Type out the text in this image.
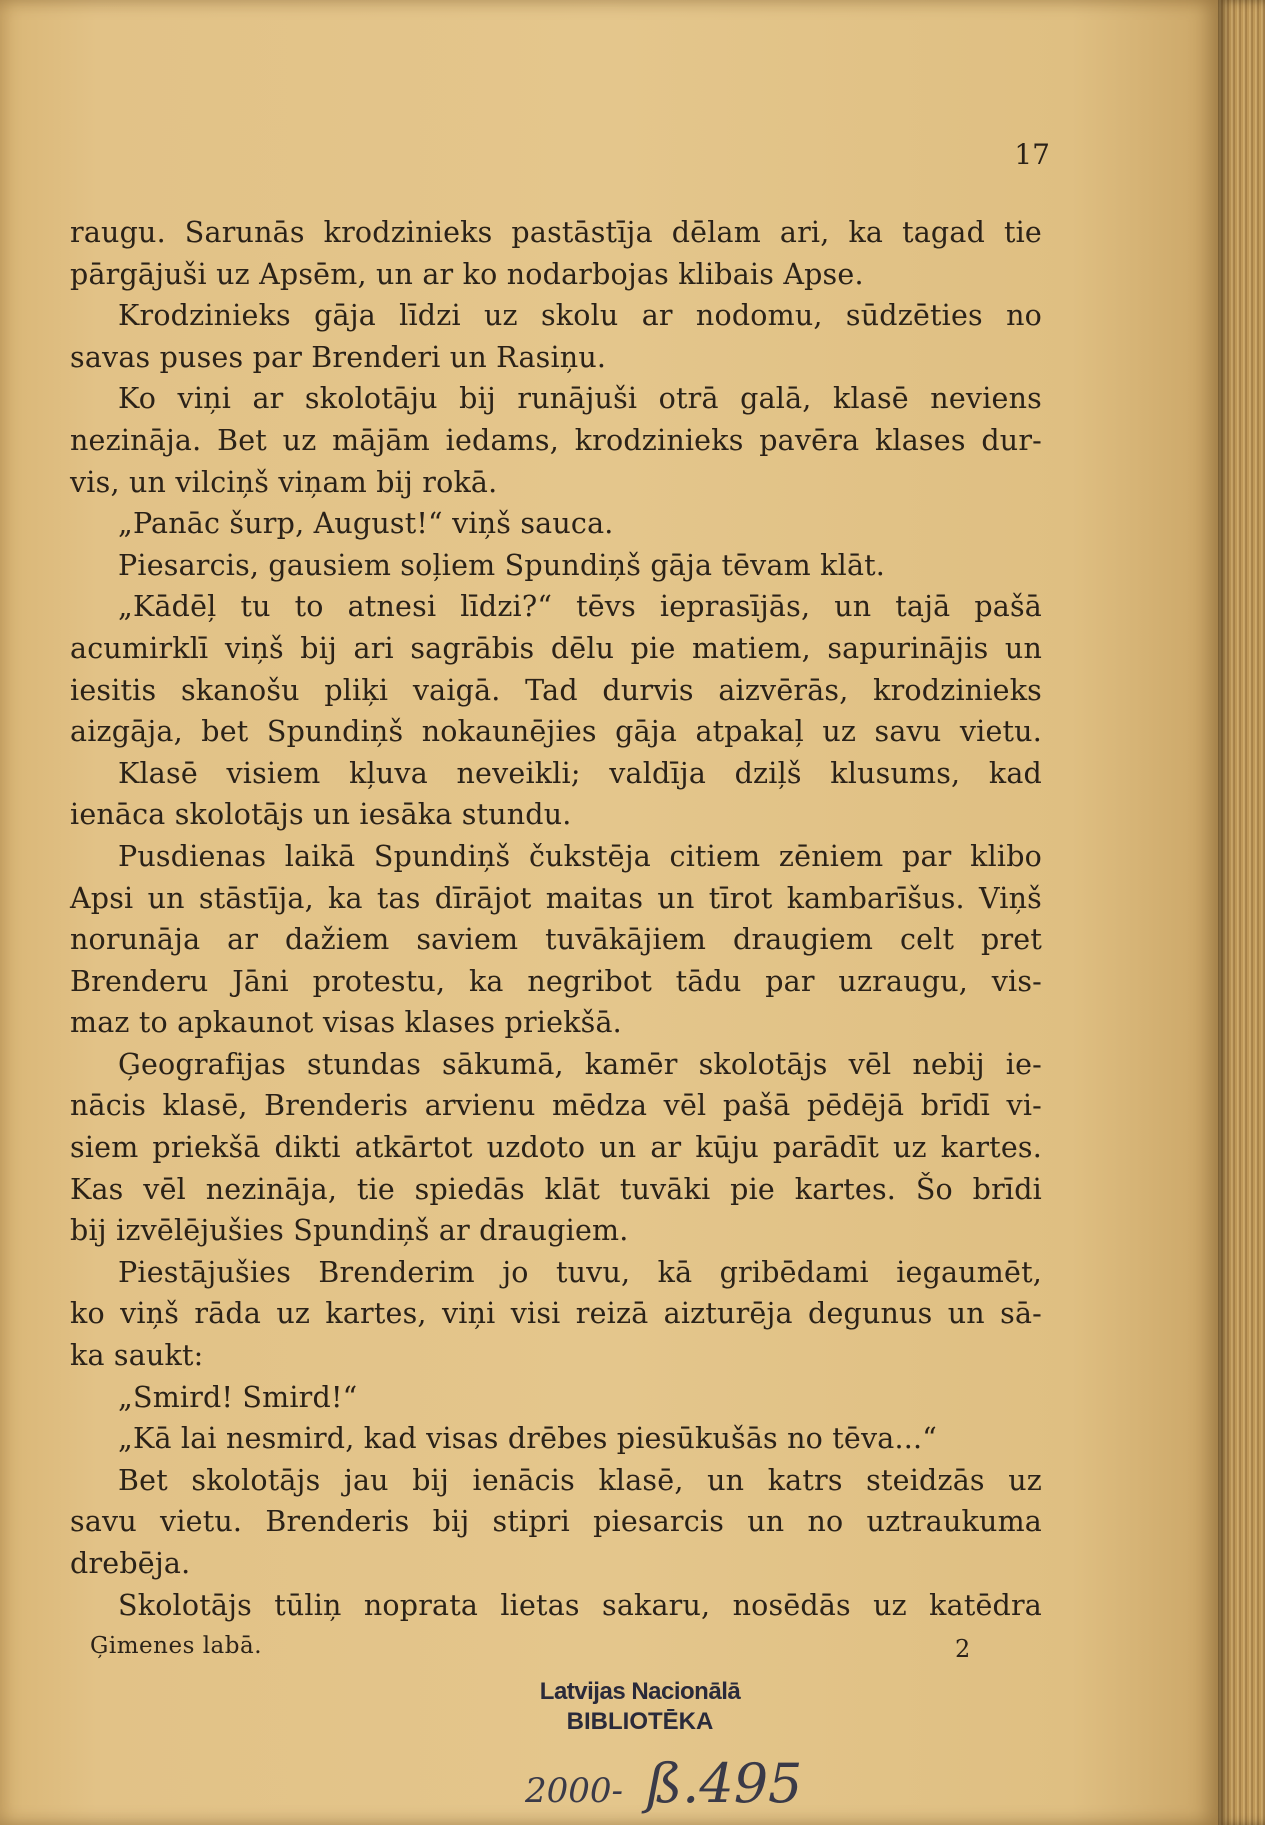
17
raugu. Sarunās krodzinieks pastāstīja dēlam ari, ka tagad tie
pārgājuši uz Apsēm, un ar ko nodarbojas klibais Apse.
Krodzinieks gāja līdzi uz skolu ar nodomu, sūdzēties no
savas puses par Brenderi un Rasiņu.
Ko viņi ar skolotāju bij runājuši otrā galā, klasē neviens
nezināja. Bet uz mājām iedams, krodzinieks pavēra klases dur-
vis, un vilciņš viņam bij rokā.
„Panāc šurp, August!“ viņš sauca.
Piesarcis, gausiem soļiem Spundiņš gāja tēvam klāt.
„Kādēļ tu to atnesi līdzi?“ tēvs ieprasījās, un tajā pašā
acumirklī viņš bij ari sagrābis dēlu pie matiem, sapurinājis un
iesitis skanošu pliķi vaigā. Tad durvis aizvērās, krodzinieks
aizgāja, bet Spundiņš nokaunējies gāja atpakaļ uz savu vietu.
Klasē visiem kļuva neveikli; valdīja dziļš klusums, kad
ienāca skolotājs un iesāka stundu.
Pusdienas laikā Spundiņš čukstēja citiem zēniem par klibo
Apsi un stāstīja, ka tas dīrājot maitas un tīrot kambarīšus. Viņš
norunāja ar dažiem saviem tuvākājiem draugiem celt pret
Brenderu Jāni protestu, ka negribot tādu par uzraugu, vis-
maz to apkaunot visas klases priekšā.
Ģeografijas stundas sākumā, kamēr skolotājs vēl nebij ie-
nācis klasē, Brenderis arvienu mēdza vēl pašā pēdējā brīdī vi-
siem priekšā dikti atkārtot uzdoto un ar kūju parādīt uz kartes.
Kas vēl nezināja, tie spiedās klāt tuvāki pie kartes. Šo brīdi
bij izvēlējušies Spundiņš ar draugiem.
Piestājušies Brenderim jo tuvu, kā gribēdami iegaumēt,
ko viņš rāda uz kartes, viņi visi reizā aizturēja degunus un sā-
ka saukt:
„Smird! Smird!“
„Kā lai nesmird, kad visas drēbes piesūkušās no tēva...“
Bet skolotājs jau bij ienācis klasē, un katrs steidzās uz
savu vietu. Brenderis bij stipri piesarcis un no uztraukuma
drebēja.
Skolotājs tūliņ noprata lietas sakaru, nosēdās uz katēdra
Ģimenes labā.	2
Latvijas Nacionālā
BIBLIOTĒKA
2000- ß.495
